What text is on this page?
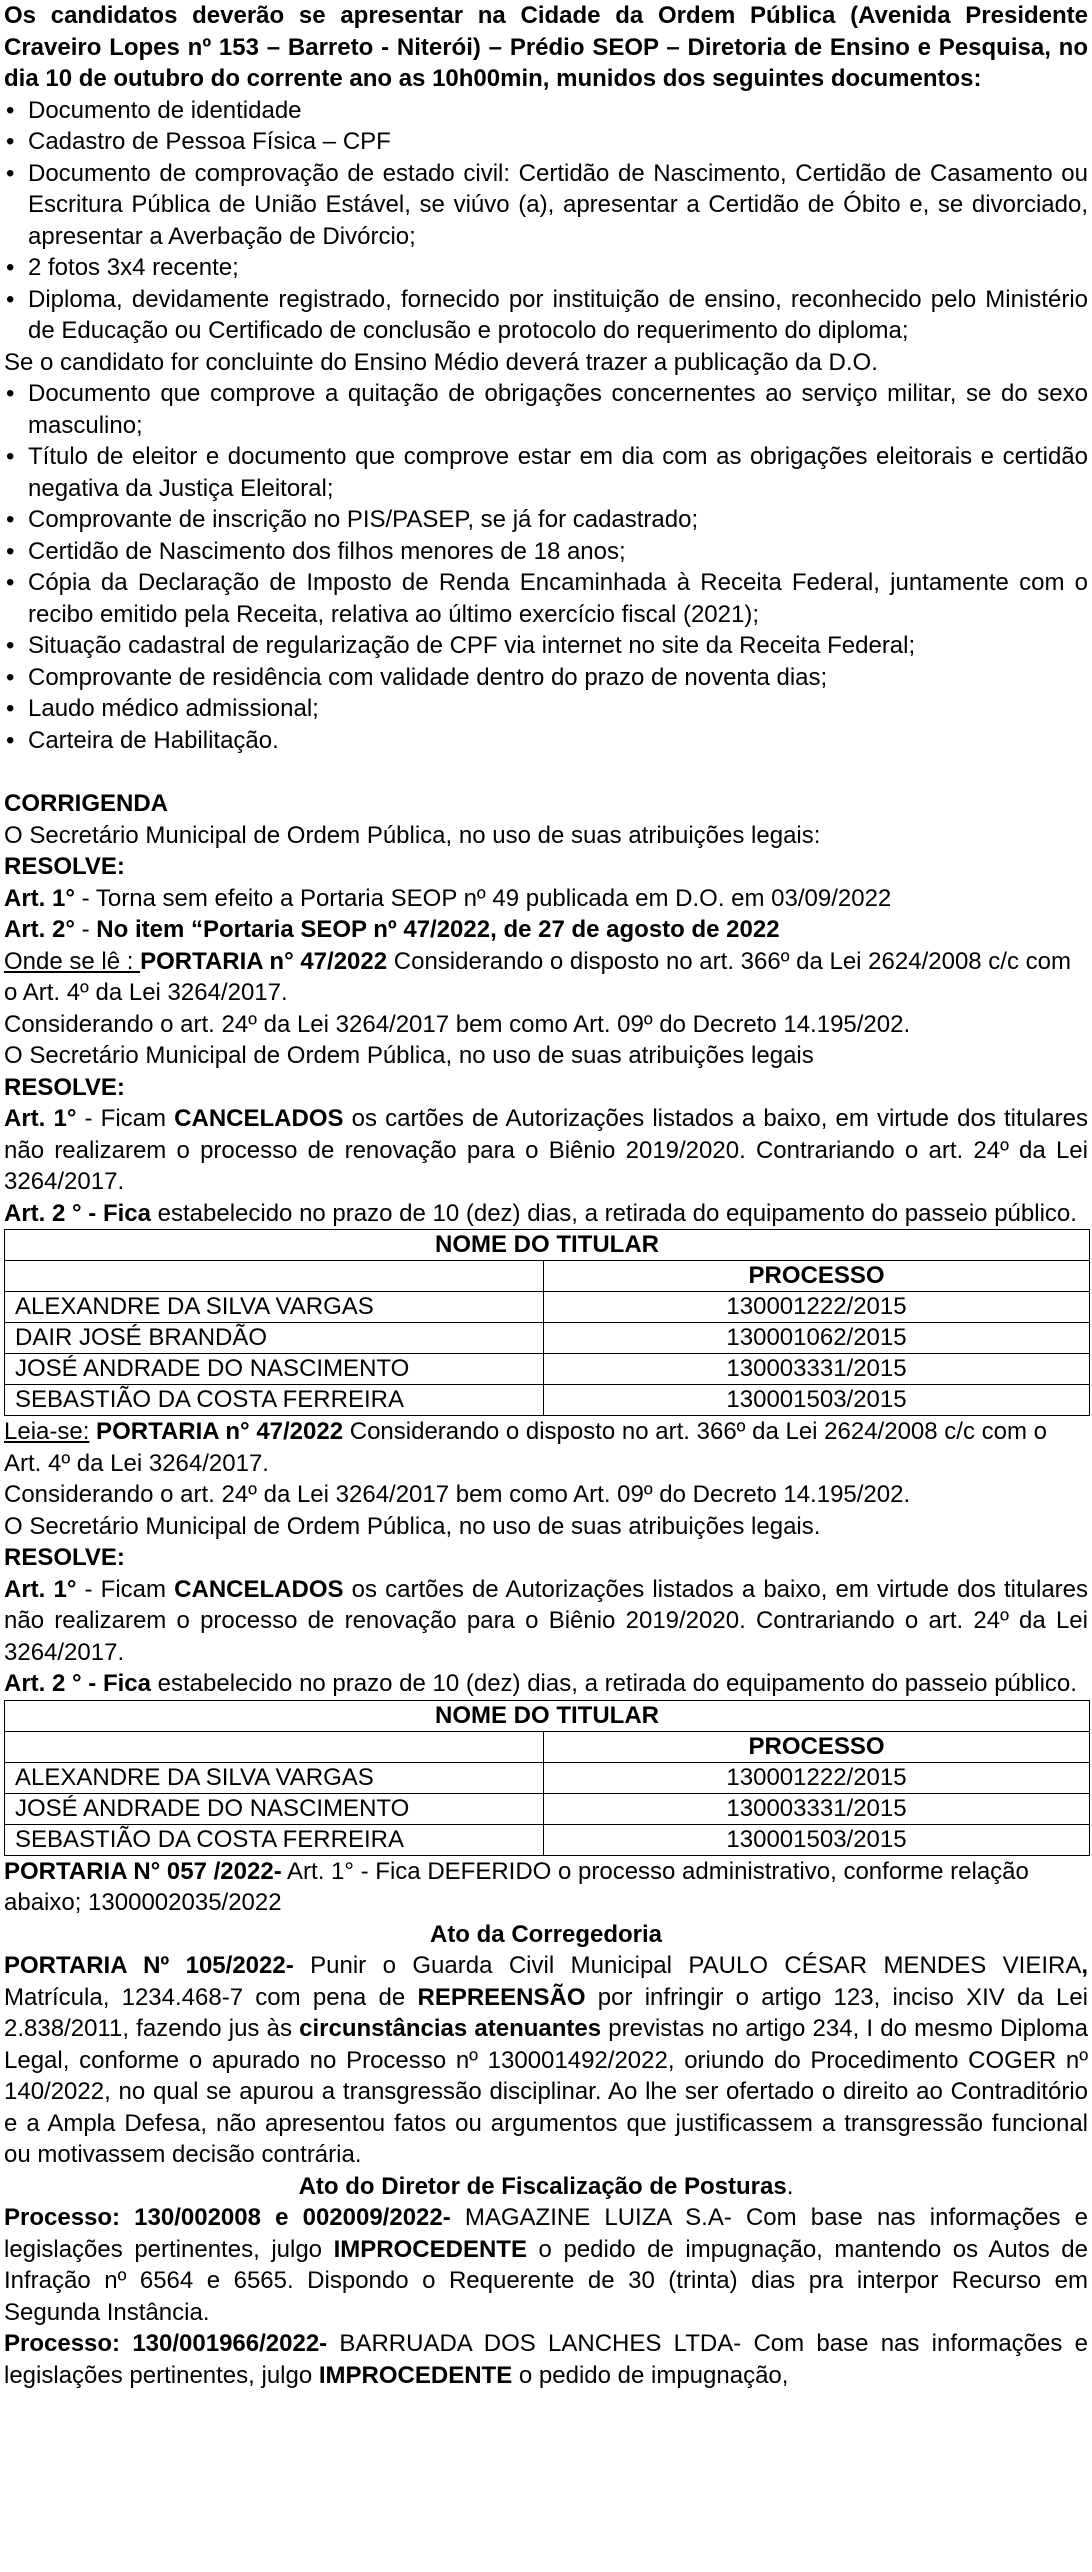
Os candidatos deverão se apresentar na Cidade da Ordem Pública (Avenida Presidente Craveiro Lopes nº 153 – Barreto - Niterói) – Prédio SEOP – Diretoria de Ensino e Pesquisa, no dia 10 de outubro do corrente ano as 10h00min, munidos dos seguintes documentos:

• Documento de identidade
• Cadastro de Pessoa Física – CPF
• Documento de comprovação de estado civil: Certidão de Nascimento, Certidão de Casamento ou Escritura Pública de União Estável, se viúvo (a), apresentar a Certidão de Óbito e, se divorciado, apresentar a Averbação de Divórcio;
• 2 fotos 3x4 recente;
• Diploma, devidamente registrado, fornecido por instituição de ensino, reconhecido pelo Ministério de Educação ou Certificado de conclusão e protocolo do requerimento do diploma;

Se o candidato for concluinte do Ensino Médio deverá trazer a publicação da D.O.

• Documento que comprove a quitação de obrigações concernentes ao serviço militar, se do sexo masculino;
• Título de eleitor e documento que comprove estar em dia com as obrigações eleitorais e certidão negativa da Justiça Eleitoral;
• Comprovante de inscrição no PIS/PASEP, se já for cadastrado;
• Certidão de Nascimento dos filhos menores de 18 anos;
• Cópia da Declaração de Imposto de Renda Encaminhada à Receita Federal, juntamente com o recibo emitido pela Receita, relativa ao último exercício fiscal (2021);
• Situação cadastral de regularização de CPF via internet no site da Receita Federal;
• Comprovante de residência com validade dentro do prazo de noventa dias;
• Laudo médico admissional;
• Carteira de Habilitação.

CORRIGENDA

O Secretário Municipal de Ordem Pública, no uso de suas atribuições legais:

RESOLVE:

Art. 1° - Torna sem efeito a Portaria SEOP nº 49 publicada em D.O. em 03/09/2022

Art. 2° - No item “Portaria SEOP nº 47/2022, de 27 de agosto de 2022

Onde se lê : PORTARIA n° 47/2022 Considerando o disposto no art. 366º da Lei 2624/2008 c/c com o Art. 4º da Lei 3264/2017.

Considerando o art. 24º da Lei 3264/2017 bem como Art. 09º do Decreto 14.195/202.

O Secretário Municipal de Ordem Pública, no uso de suas atribuições legais

RESOLVE:

Art. 1° - Ficam CANCELADOS os cartões de Autorizações listados a baixo, em virtude dos titulares não realizarem o processo de renovação para o Biênio 2019/2020. Contrariando o art. 24º da Lei 3264/2017.

Art. 2 ° - Fica estabelecido no prazo de 10 (dez) dias, a retirada do equipamento do passeio público.

NOME DO TITULAR	
	PROCESSO
ALEXANDRE DA SILVA VARGAS	130001222/2015
DAIR JOSÉ BRANDÃO	130001062/2015
JOSÉ ANDRADE DO NASCIMENTO	130003331/2015
SEBASTIÃO DA COSTA FERREIRA	130001503/2015

Leia-se: PORTARIA n° 47/2022 Considerando o disposto no art. 366º da Lei 2624/2008 c/c com o Art. 4º da Lei 3264/2017.

Considerando o art. 24º da Lei 3264/2017 bem como Art. 09º do Decreto 14.195/202.

O Secretário Municipal de Ordem Pública, no uso de suas atribuições legais.

RESOLVE:

Art. 1° - Ficam CANCELADOS os cartões de Autorizações listados a baixo, em virtude dos titulares não realizarem o processo de renovação para o Biênio 2019/2020. Contrariando o art. 24º da Lei 3264/2017.

Art. 2 ° - Fica estabelecido no prazo de 10 (dez) dias, a retirada do equipamento do passeio público.

NOME DO TITULAR	
	PROCESSO
ALEXANDRE DA SILVA VARGAS	130001222/2015
JOSÉ ANDRADE DO NASCIMENTO	130003331/2015
SEBASTIÃO DA COSTA FERREIRA	130001503/2015

PORTARIA N° 057 /2022- Art. 1° - Fica DEFERIDO o processo administrativo, conforme relação abaixo; 1300002035/2022

Ato da Corregedoria

PORTARIA Nº 105/2022- Punir o Guarda Civil Municipal PAULO CÉSAR MENDES VIEIRA, Matrícula, 1234.468-7 com pena de REPREENSÃO por infringir o artigo 123, inciso XIV da Lei 2.838/2011, fazendo jus às circunstâncias atenuantes previstas no artigo 234, I do mesmo Diploma Legal, conforme o apurado no Processo nº 130001492/2022, oriundo do Procedimento COGER nº 140/2022, no qual se apurou a transgressão disciplinar. Ao lhe ser ofertado o direito ao Contraditório e a Ampla Defesa, não apresentou fatos ou argumentos que justificassem a transgressão funcional ou motivassem decisão contrária.

Ato do Diretor de Fiscalização de Posturas.

Processo: 130/002008 e 002009/2022- MAGAZINE LUIZA S.A- Com base nas informações e legislações pertinentes, julgo IMPROCEDENTE o pedido de impugnação, mantendo os Autos de Infração nº 6564 e 6565. Dispondo o Requerente de 30 (trinta) dias pra interpor Recurso em Segunda Instância.

Processo: 130/001966/2022- BARRUADA DOS LANCHES LTDA- Com base nas informações e legislações pertinentes, julgo IMPROCEDENTE o pedido de impugnação,
